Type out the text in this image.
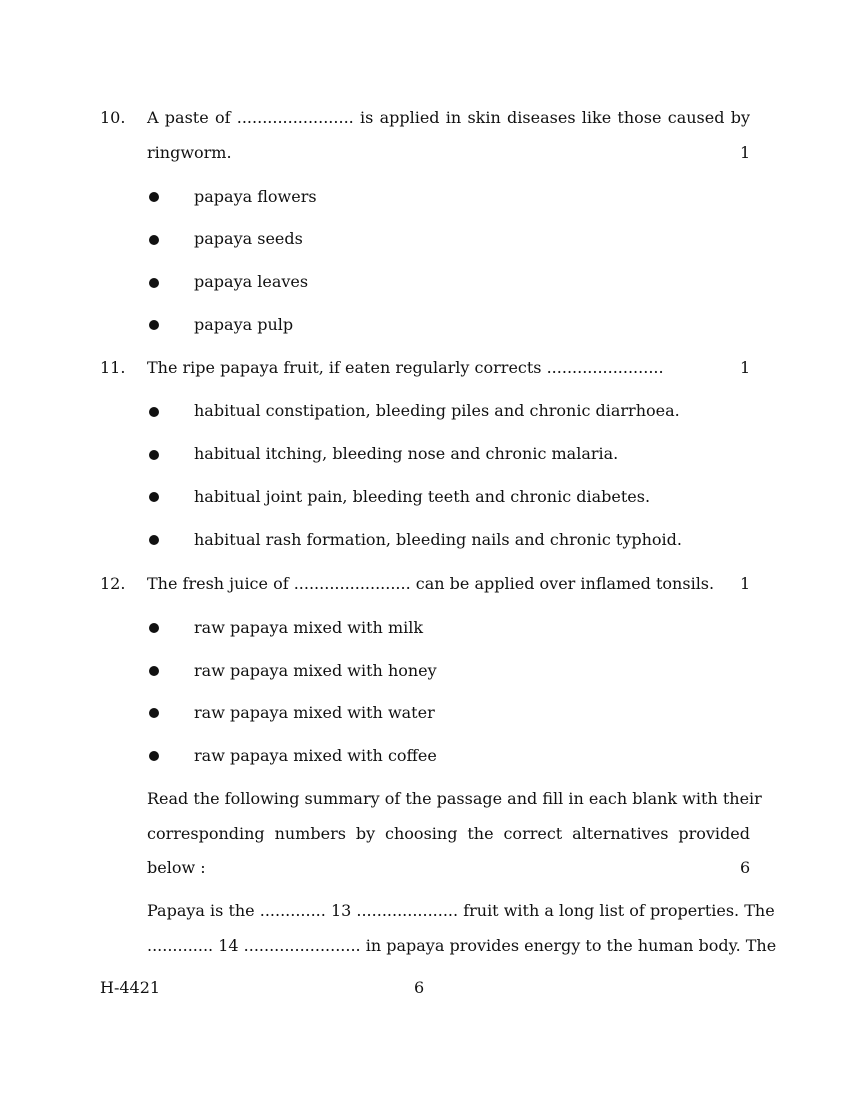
10. A paste of ....................... is applied in skin diseases like those caused by
ringworm.	1
papaya flowers
papaya seeds
papaya leaves
papaya pulp
11. The ripe papaya fruit, if eaten regularly corrects .......................	1
habitual constipation, bleeding piles and chronic diarrhoea.
habitual itching, bleeding nose and chronic malaria.
habitual joint pain, bleeding teeth and chronic diabetes.
habitual rash formation, bleeding nails and chronic typhoid.
12. The fresh juice of ....................... can be applied over inflamed tonsils. 1
raw papaya mixed with milk
raw papaya mixed with honey
raw papaya mixed with water
raw papaya mixed with coffee
Read the following summary of the passage and fill in each blank with their
corresponding numbers by choosing the correct alternatives provided
below :	6
Papaya is the ............. 13 .................... fruit with a long list of properties. The
............. 14 ....................... in papaya provides energy to the human body. The
H-4421	6
